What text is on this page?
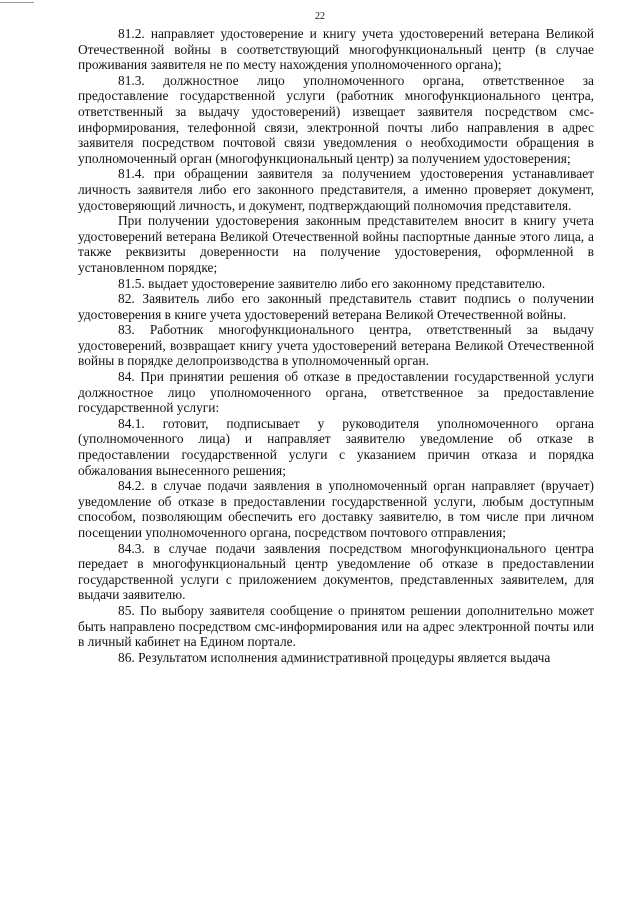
22

81.2. направляет удостоверение и книгу учета удостоверений ветерана Великой Отечественной войны в соответствующий многофункциональный центр (в случае проживания заявителя не по месту нахождения уполномоченного органа);

81.3. должностное лицо уполномоченного органа, ответственное за предоставление государственной услуги (работник многофункционального центра, ответственный за выдачу удостоверений) извещает заявителя посредством смс-информирования, телефонной связи, электронной почты либо направления в адрес заявителя посредством почтовой связи уведомления о необходимости обращения в уполномоченный орган (многофункциональный центр) за получением удостоверения;

81.4. при обращении заявителя за получением удостоверения устанавливает личность заявителя либо его законного представителя, а именно проверяет документ, удостоверяющий личность, и документ, подтверждающий полномочия представителя.

При получении удостоверения законным представителем вносит в книгу учета удостоверений ветерана Великой Отечественной войны паспортные данные этого лица, а также реквизиты доверенности на получение удостоверения, оформленной в установленном порядке;

81.5. выдает удостоверение заявителю либо его законному представителю.

82. Заявитель либо его законный представитель ставит подпись о получении удостоверения в книге учета удостоверений ветерана Великой Отечественной войны.

83. Работник многофункционального центра, ответственный за выдачу удостоверений, возвращает книгу учета удостоверений ветерана Великой Отечественной войны в порядке делопроизводства в уполномоченный орган.

84. При принятии решения об отказе в предоставлении государственной услуги должностное лицо уполномоченного органа, ответственное за предоставление государственной услуги:

84.1. готовит, подписывает у руководителя уполномоченного органа (уполномоченного лица) и направляет заявителю уведомление об отказе в предоставлении государственной услуги с указанием причин отказа и порядка обжалования вынесенного решения;

84.2. в случае подачи заявления в уполномоченный орган направляет (вручает) уведомление об отказе в предоставлении государственной услуги, любым доступным способом, позволяющим обеспечить его доставку заявителю, в том числе при личном посещении уполномоченного органа, посредством почтового отправления;

84.3. в случае подачи заявления посредством многофункционального центра передает в многофункциональный центр уведомление об отказе в предоставлении государственной услуги с приложением документов, представленных заявителем, для выдачи заявителю.

85. По выбору заявителя сообщение о принятом решении дополнительно может быть направлено посредством смс-информирования или на адрес электронной почты или в личный кабинет на Едином портале.

86. Результатом исполнения административной процедуры является выдача
